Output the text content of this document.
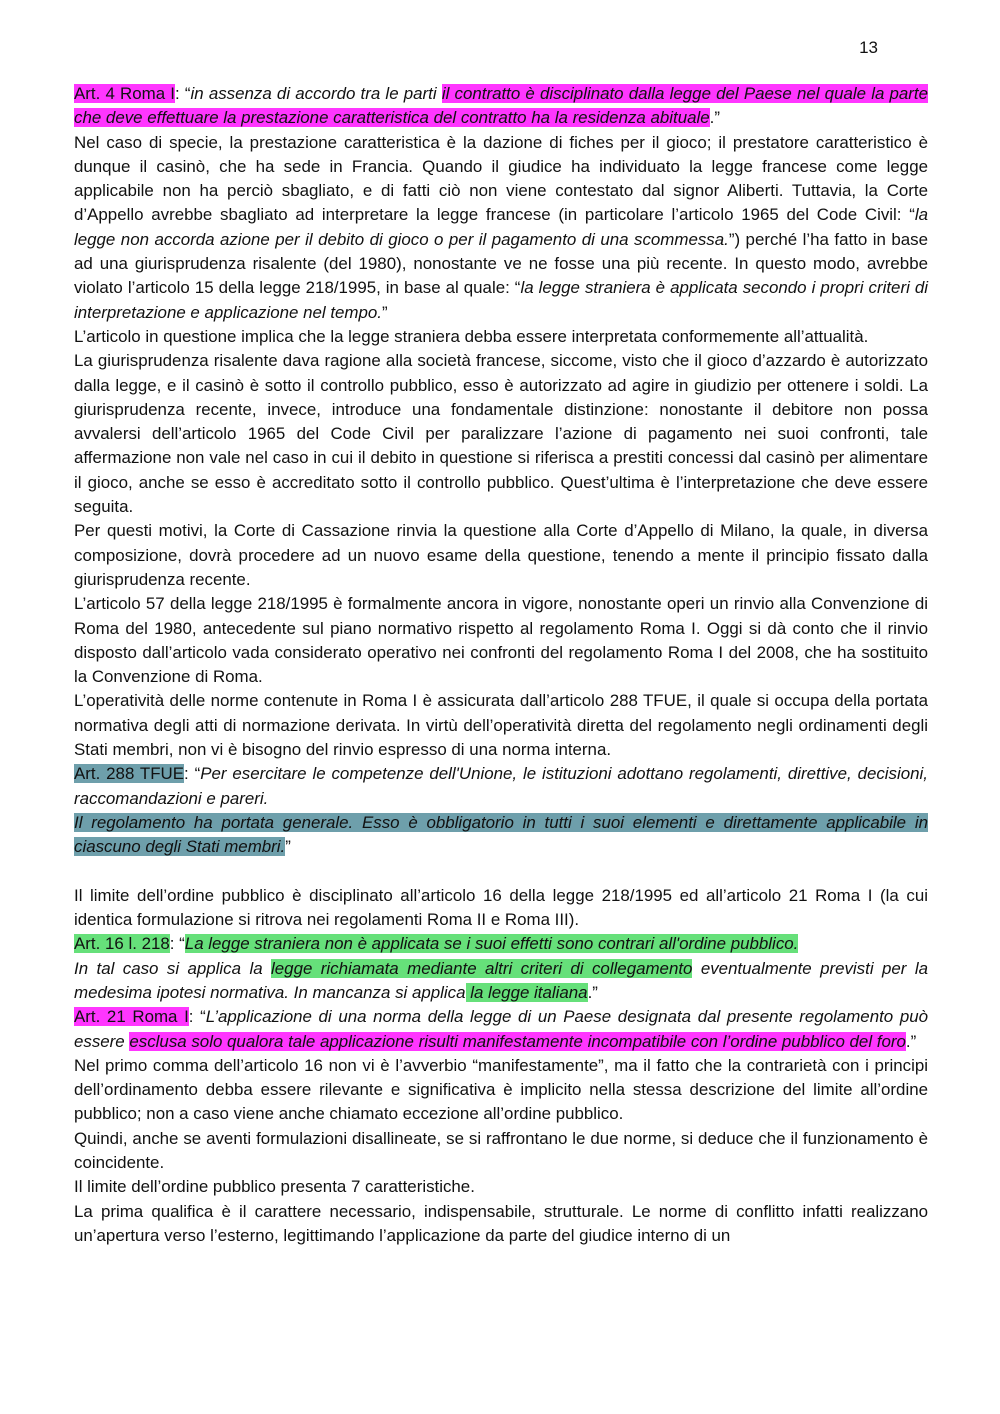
13

Art. 4 Roma I: “in assenza di accordo tra le parti il contratto è disciplinato dalla legge del Paese nel quale la parte che deve effettuare la prestazione caratteristica del contratto ha la residenza abituale.”

Nel caso di specie, la prestazione caratteristica è la dazione di fiches per il gioco; il prestatore caratteristico è dunque il casinò, che ha sede in Francia. Quando il giudice ha individuato la legge francese come legge applicabile non ha perciò sbagliato, e di fatti ciò non viene contestato dal signor Aliberti. Tuttavia, la Corte d’Appello avrebbe sbagliato ad interpretare la legge francese (in particolare l’articolo 1965 del Code Civil: “la legge non accorda azione per il debito di gioco o per il pagamento di una scommessa.”) perché l’ha fatto in base ad una giurisprudenza risalente (del 1980), nonostante ve ne fosse una più recente. In questo modo, avrebbe violato l’articolo 15 della legge 218/1995, in base al quale: “la legge straniera è applicata secondo i propri criteri di interpretazione e applicazione nel tempo.”

L’articolo in questione implica che la legge straniera debba essere interpretata conformemente all’attualità.

La giurisprudenza risalente dava ragione alla società francese, siccome, visto che il gioco d’azzardo è autorizzato dalla legge, e il casinò è sotto il controllo pubblico, esso è autorizzato ad agire in giudizio per ottenere i soldi. La giurisprudenza recente, invece, introduce una fondamentale distinzione: nonostante il debitore non possa avvalersi dell’articolo 1965 del Code Civil per paralizzare l’azione di pagamento nei suoi confronti, tale affermazione non vale nel caso in cui il debito in questione si riferisca a prestiti concessi dal casinò per alimentare il gioco, anche se esso è accreditato sotto il controllo pubblico. Quest’ultima è l’interpretazione che deve essere seguita.

Per questi motivi, la Corte di Cassazione rinvia la questione alla Corte d’Appello di Milano, la quale, in diversa composizione, dovrà procedere ad un nuovo esame della questione, tenendo a mente il principio fissato dalla giurisprudenza recente.

L’articolo 57 della legge 218/1995 è formalmente ancora in vigore, nonostante operi un rinvio alla Convenzione di Roma del 1980, antecedente sul piano normativo rispetto al regolamento Roma I. Oggi si dà conto che il rinvio disposto dall’articolo vada considerato operativo nei confronti del regolamento Roma I del 2008, che ha sostituito la Convenzione di Roma.

L’operatività delle norme contenute in Roma I è assicurata dall’articolo 288 TFUE, il quale si occupa della portata normativa degli atti di normazione derivata. In virtù dell’operatività diretta del regolamento negli ordinamenti degli Stati membri, non vi è bisogno del rinvio espresso di una norma interna.

Art. 288 TFUE: “Per esercitare le competenze dell'Unione, le istituzioni adottano regolamenti, direttive, decisioni, raccomandazioni e pareri.

Il regolamento ha portata generale. Esso è obbligatorio in tutti i suoi elementi e direttamente applicabile in ciascuno degli Stati membri.”

Il limite dell’ordine pubblico è disciplinato all’articolo 16 della legge 218/1995 ed all’articolo 21 Roma I (la cui identica formulazione si ritrova nei regolamenti Roma II e Roma III).

Art. 16 l. 218: “La legge straniera non è applicata se i suoi effetti sono contrari all'ordine pubblico.

In tal caso si applica la legge richiamata mediante altri criteri di collegamento eventualmente previsti per la medesima ipotesi normativa. In mancanza si applica la legge italiana.”

Art. 21 Roma I: “L’applicazione di una norma della legge di un Paese designata dal presente regolamento può essere esclusa solo qualora tale applicazione risulti manifestamente incompatibile con l’ordine pubblico del foro.”

Nel primo comma dell’articolo 16 non vi è l’avverbio “manifestamente”, ma il fatto che la contrarietà con i principi dell’ordinamento debba essere rilevante e significativa è implicito nella stessa descrizione del limite all’ordine pubblico; non a caso viene anche chiamato eccezione all’ordine pubblico.

Quindi, anche se aventi formulazioni disallineate, se si raffrontano le due norme, si deduce che il funzionamento è coincidente.

Il limite dell’ordine pubblico presenta 7 caratteristiche.

La prima qualifica è il carattere necessario, indispensabile, strutturale. Le norme di conflitto infatti realizzano un’apertura verso l’esterno, legittimando l’applicazione da parte del giudice interno di un
